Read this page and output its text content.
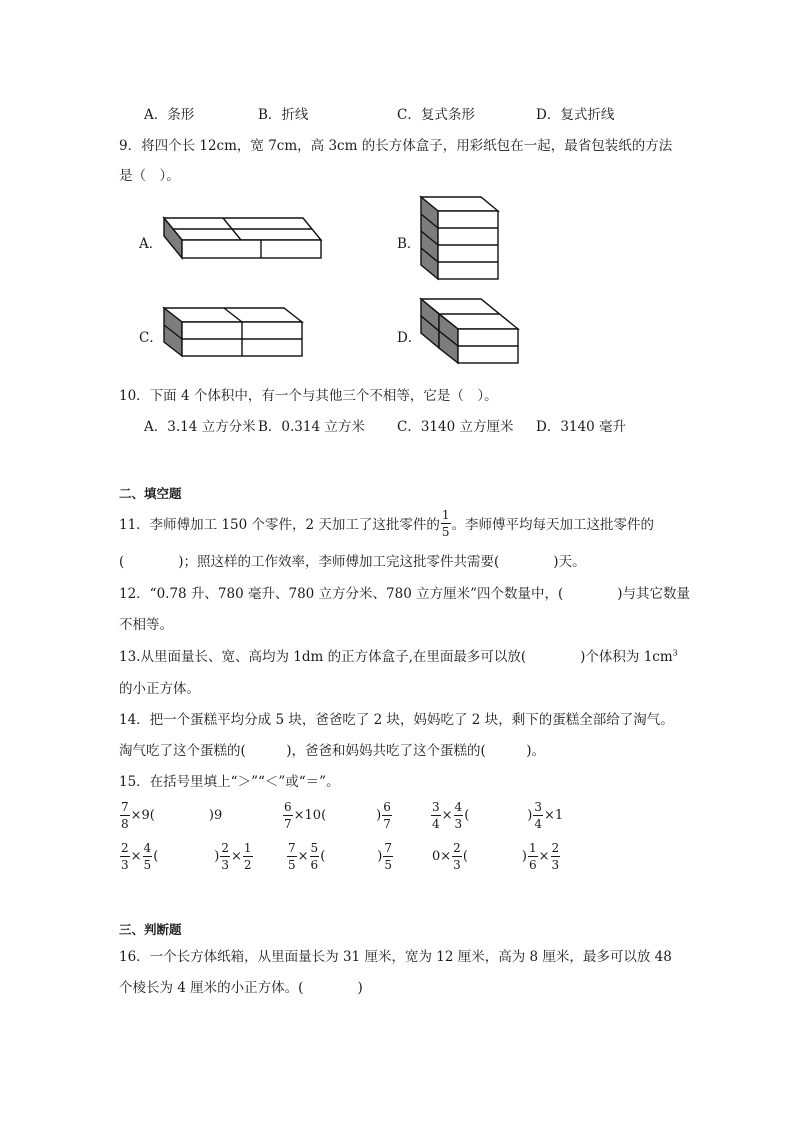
A．条形	B．折线	C．复式条形	D．复式折线
9．将四个长 12cm，宽 7cm，高 3cm 的长方体盒子，用彩纸包在一起，最省包装纸的方法
是（　）。
A．	B．
C．	D．
10．下面 4 个体积中，有一个与其他三个不相等，它是（　）。
A．3.14 立方分米 B．0.314 立方米 C．3140 立方厘米 D．3140 毫升
二、填空题
11．李师傅加工 150 个零件，2 天加工了这批零件的 $\frac{1}{5}$ 。李师傅平均每天加工这批零件的
(　　　　)；照这样的工作效率，李师傅加工完这批零件共需要(　　　　)天。
12．“0.78 升、780 毫升、780 立方分米、780 立方厘米”四个数量中，(　　　　)与其它数量
不相等。
13.从里面量长、宽、高均为 1dm 的正方体盒子,在里面最多可以放(　　　　)个体积为 $1cm^3$
的小正方体。
14．把一个蛋糕平均分成 5 块，爸爸吃了 2 块，妈妈吃了 2 块，剩下的蛋糕全部给了淘气。
淘气吃了这个蛋糕的(　　　)，爸爸和妈妈共吃了这个蛋糕的(　　　)。
15．在括号里填上“＞”“＜”或“＝”。
$\frac{7}{8} \times 9$(	)9	$\frac{6}{7} \times 10$(	) $\frac{6}{7}$	$\frac{3}{4} \times \frac{4}{3}$ (	) $\frac{3}{4} \times 1$
$\frac{2}{3} \times \frac{4}{5}$ (	) $\frac{2}{3} \times \frac{1}{2}$	$\frac{7}{5} \times \frac{5}{6}$ (	) $\frac{7}{5}$	$0\times \frac{2}{3}$ (	) $\frac{1}{6} \times \frac{2}{3}$
三、判断题
16．一个长方体纸箱，从里面量长为 31 厘米，宽为 12 厘米，高为 8 厘米，最多可以放 48
个棱长为 4 厘米的小正方体。(　　　　)
